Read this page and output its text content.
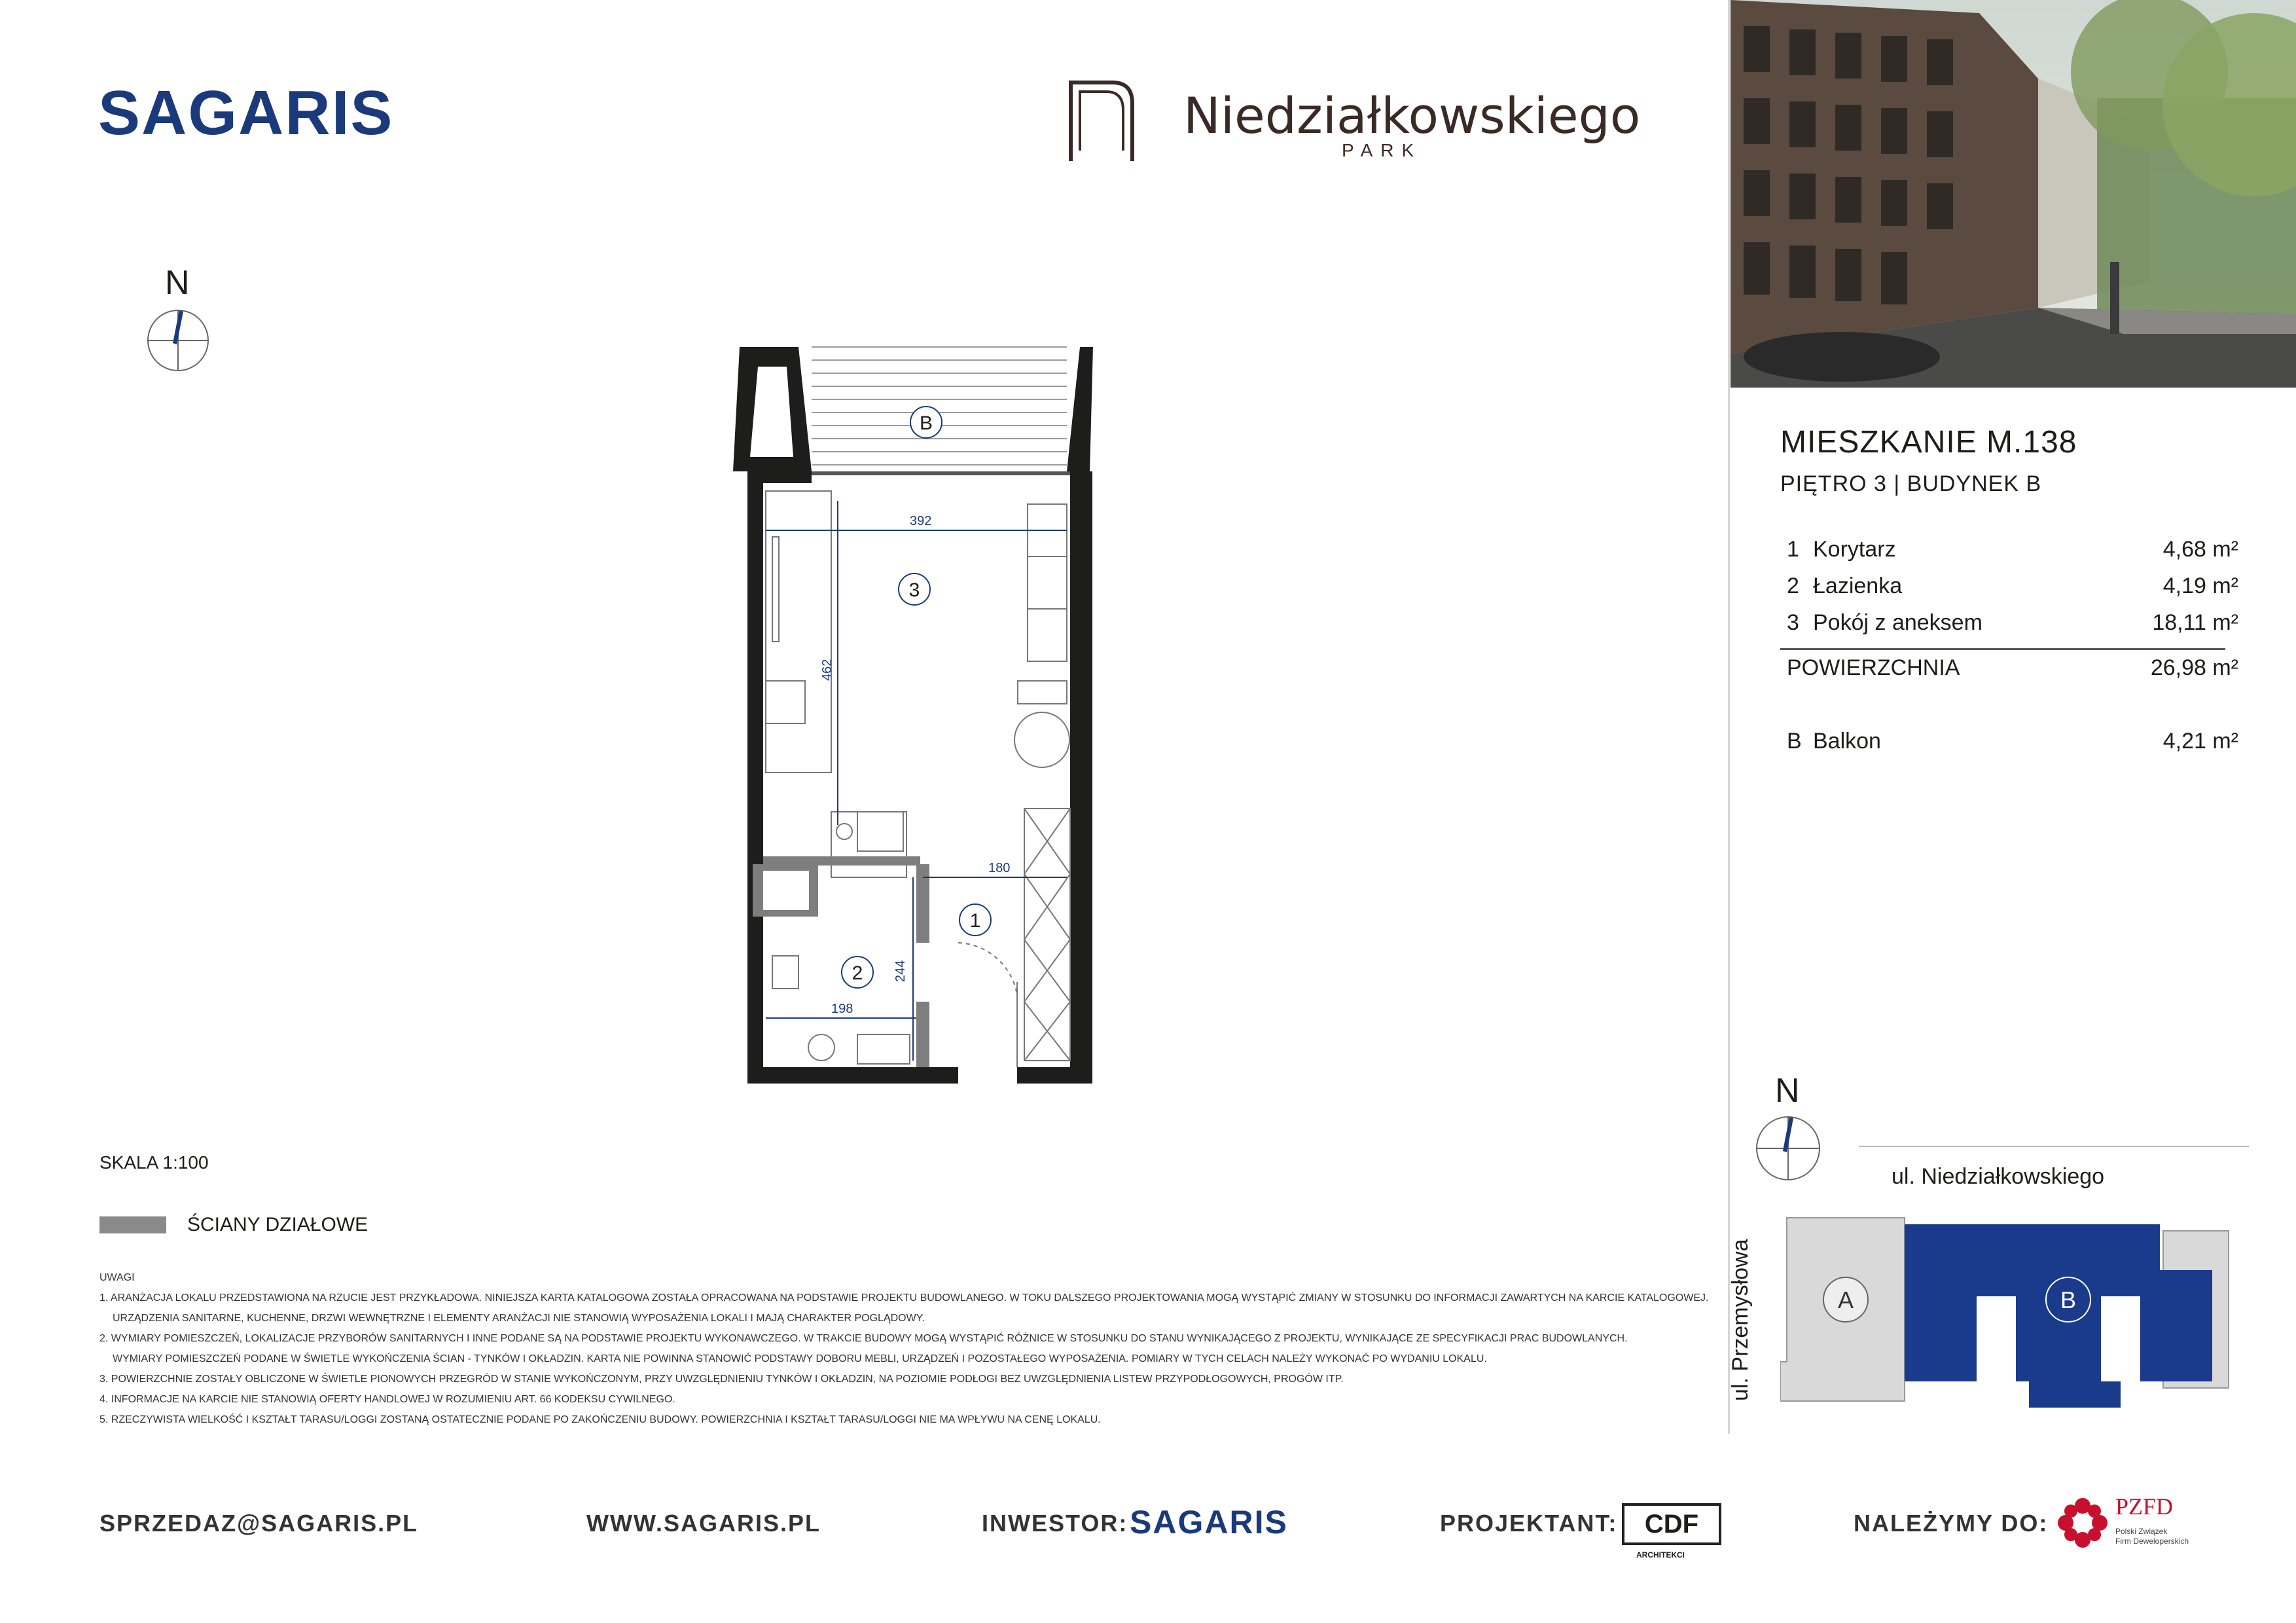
SAGARIS	Niedziałkowskiego
PARK
N
392
462
180
244
198
B
3
1
2
MIESZKANIE M.138
PIĘTRO 3 | BUDYNEK B
1 Korytarz	4,68 m²
2 Łazienka	4,19 m²
3 Pokój z aneksem	18,11 m²
POWIERZCHNIA	26,98 m²
B Balkon	4,21 m²
N
ul. Niedziałkowskiego
ul. Przemysłowa	A	B
SKALA 1:100
ŚCIANY DZIAŁOWE
UWAGI
1. ARANŻACJA LOKALU PRZEDSTAWIONA NA RZUCIE JEST PRZYKŁADOWA. NINIEJSZA KARTA KATALOGOWA ZOSTAŁA OPRACOWANA NA PODSTAWIE PROJEKTU BUDOWLANEGO. W TOKU DALSZEGO PROJEKTOWANIA MOGĄ WYSTĄPIĆ ZMIANY W STOSUNKU DO INFORMACJI ZAWARTYCH NA KARCIE KATALOGOWEJ.
URZĄDZENIA SANITARNE, KUCHENNE, DRZWI WEWNĘTRZNE I ELEMENTY ARANŻACJI NIE STANOWIĄ WYPOSAŻENIA LOKALI I MAJĄ CHARAKTER POGLĄDOWY.
2. WYMIARY POMIESZCZEŃ, LOKALIZACJE PRZYBORÓW SANITARNYCH I INNE PODANE SĄ NA PODSTAWIE PROJEKTU WYKONAWCZEGO. W TRAKCIE BUDOWY MOGĄ WYSTĄPIĆ RÓŻNICE W STOSUNKU DO STANU WYNIKAJĄCEGO Z PROJEKTU, WYNIKAJĄCE ZE SPECYFIKACJI PRAC BUDOWLANYCH.
WYMIARY POMIESZCZEŃ PODANE W ŚWIETLE WYKOŃCZENIA ŚCIAN - TYNKÓW I OKŁADZIN. KARTA NIE POWINNA STANOWIĆ PODSTAWY DOBORU MEBLI, URZĄDZEŃ I POZOSTAŁEGO WYPOSAŻENIA. POMIARY W TYCH CELACH NALEŻY WYKONAĆ PO WYDANIU LOKALU.
3. POWIERZCHNIE ZOSTAŁY OBLICZONE W ŚWIETLE PIONOWYCH PRZEGRÓD W STANIE WYKOŃCZONYM, PRZY UWZGLĘDNIENIU TYNKÓW I OKŁADZIN, NA POZIOMIE PODŁOGI BEZ UWZGLĘDNIENIA LISTEW PRZYPODŁOGOWYCH, PROGÓW ITP.
4. INFORMACJE NA KARCIE NIE STANOWIĄ OFERTY HANDLOWEJ W ROZUMIENIU ART. 66 KODEKSU CYWILNEGO.
5. RZECZYWISTA WIELKOŚĆ I KSZTAŁT TARASU/LOGGI ZOSTANĄ OSTATECZNIE PODANE PO ZAKOŃCZENIU BUDOWY. POWIERZCHNIA I KSZTAŁT TARASU/LOGGI NIE MA WPŁYWU NA CENĘ LOKALU.
SPRZEDAZ@SAGARIS.PL	WWW.SAGARIS.PL	INWESTOR: SAGARIS	PROJEKTANT:	CDF
ARCHITEKCI
NALEŻYMY DO:
PZFD
Polski Związek
Firm Deweloperskich
